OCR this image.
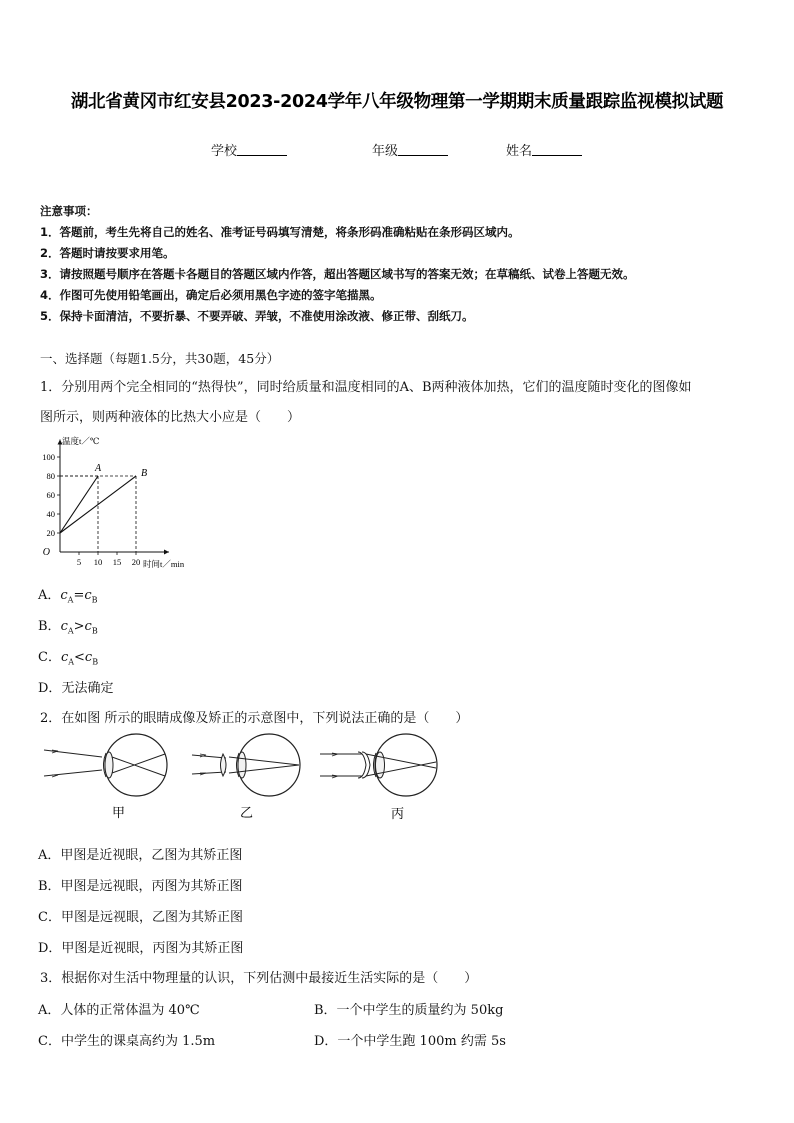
湖北省黄冈市红安县2023-2024学年八年级物理第一学期期末质量跟踪监视模拟试题
学校	年级	姓名
注意事项：
1．答题前，考生先将自己的姓名、准考证号码填写清楚，将条形码准确粘贴在条形码区域内。
2．答题时请按要求用笔。
3．请按照题号顺序在答题卡各题目的答题区域内作答，超出答题区域书写的答案无效；在草稿纸、试卷上答题无效。
4．作图可先使用铅笔画出，确定后必须用黑色字迹的签字笔描黑。
5．保持卡面清洁，不要折暴、不要弄破、弄皱，不准使用涂改液、修正带、刮纸刀。
一、选择题（每题1.5分，共30题，45分）
1．分别用两个完全相同的“热得快”，同时给质量和温度相同的A、B两种液体加热，它们的温度随时变化的图像如
图所示，则两种液体的比热大小应是（　　）
20
40
60
80
100
5 10 15 20
O
温度t／℃
时间t／min
A	B
A．$c_A=c_B$
B．$c_A>c_B$
C．$c_A<c_B$
D．无法确定
2．在如图 所示的眼睛成像及矫正的示意图中，下列说法正确的是（　　）
甲	乙	丙
A．甲图是近视眼，乙图为其矫正图
B．甲图是远视眼，丙图为其矫正图
C．甲图是远视眼，乙图为其矫正图
D．甲图是近视眼，丙图为其矫正图
3．根据你对生活中物理量的认识，下列估测中最接近生活实际的是（　　）
A．人体的正常体温为 40℃	B．一个中学生的质量约为 50kg
C．中学生的课桌高约为 1.5m	D．一个中学生跑 100m 约需 5s
